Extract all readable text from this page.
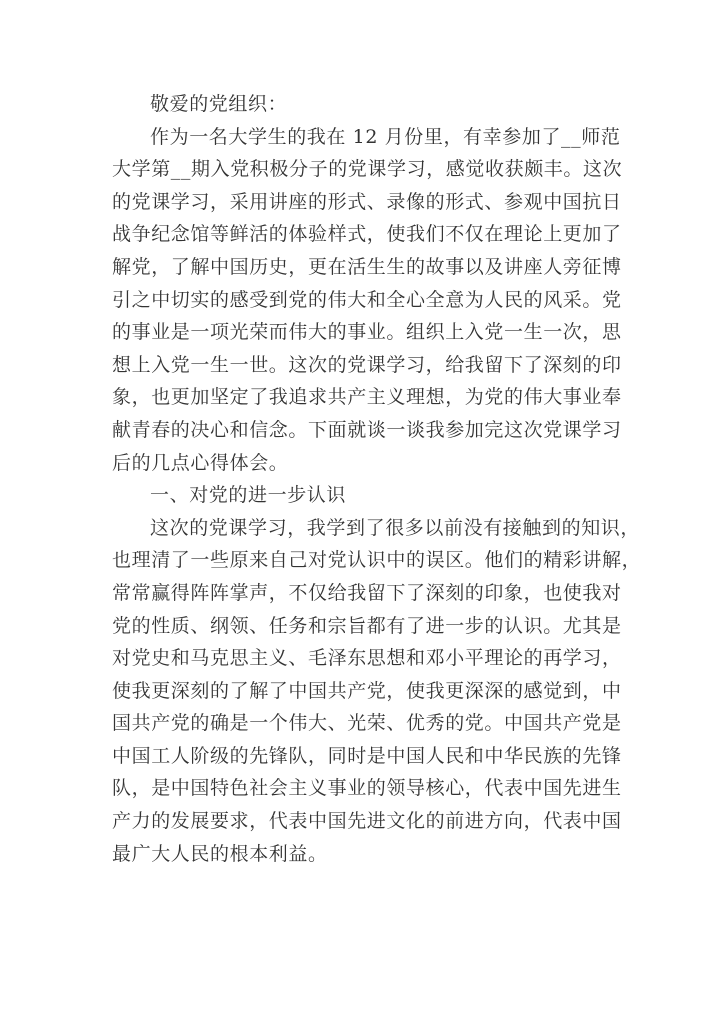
敬爱的党组织：
作为一名大学生的我在 12 月份里，有幸参加了__师范
大学第__期入党积极分子的党课学习，感觉收获颇丰。这次
的党课学习，采用讲座的形式、录像的形式、参观中国抗日
战争纪念馆等鲜活的体验样式，使我们不仅在理论上更加了
解党，了解中国历史，更在活生生的故事以及讲座人旁征博
引之中切实的感受到党的伟大和全心全意为人民的风采。党
的事业是一项光荣而伟大的事业。组织上入党一生一次，思
想上入党一生一世。这次的党课学习，给我留下了深刻的印
象，也更加坚定了我追求共产主义理想，为党的伟大事业奉
献青春的决心和信念。下面就谈一谈我参加完这次党课学习
后的几点心得体会。
一、对党的进一步认识
这次的党课学习，我学到了很多以前没有接触到的知识，
也理清了一些原来自己对党认识中的误区。他们的精彩讲解，
常常赢得阵阵掌声，不仅给我留下了深刻的印象，也使我对
党的性质、纲领、任务和宗旨都有了进一步的认识。尤其是
对党史和马克思主义、毛泽东思想和邓小平理论的再学习，
使我更深刻的了解了中国共产党，使我更深深的感觉到，中
国共产党的确是一个伟大、光荣、优秀的党。中国共产党是
中国工人阶级的先锋队，同时是中国人民和中华民族的先锋
队，是中国特色社会主义事业的领导核心，代表中国先进生
产力的发展要求，代表中国先进文化的前进方向，代表中国
最广大人民的根本利益。
